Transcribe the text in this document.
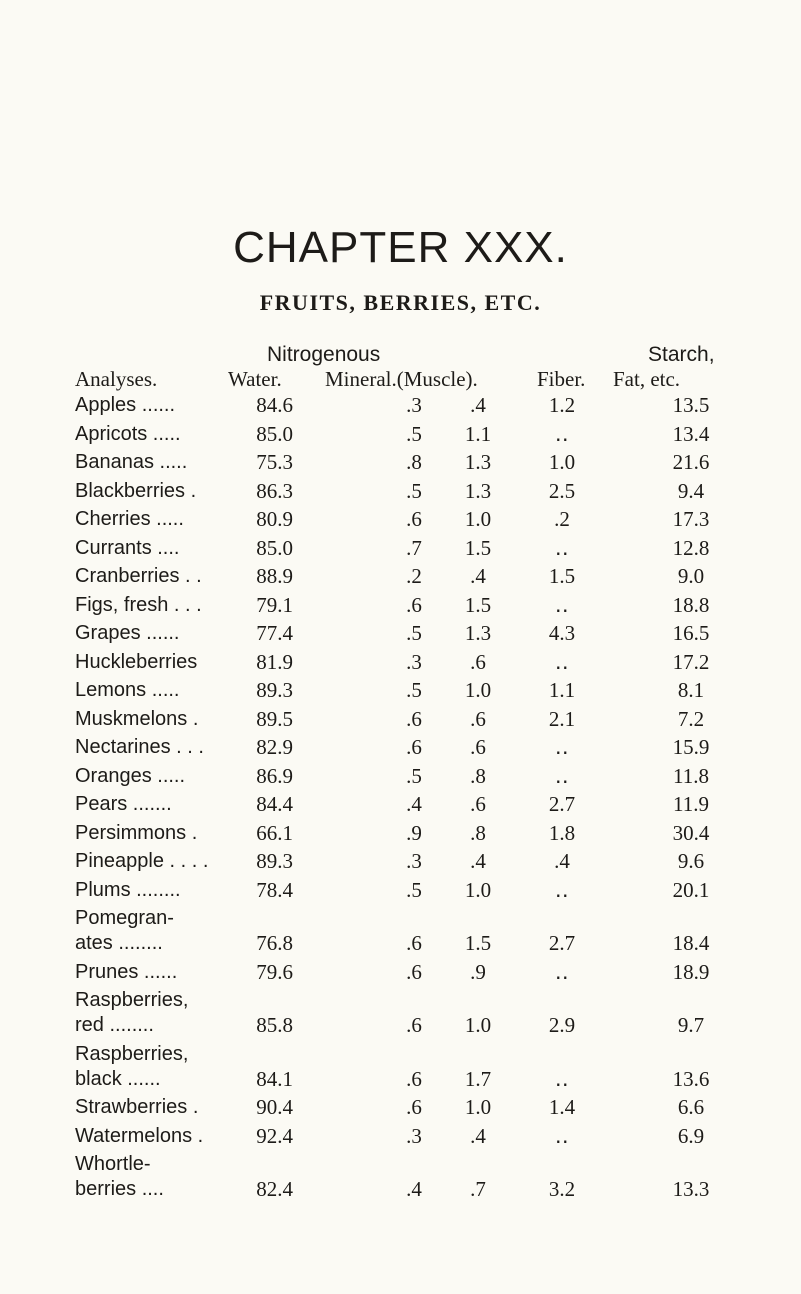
CHAPTER XXX.
FRUITS, BERRIES, ETC.
Nitrogenous	Starch,
Analyses.	Water. Mineral.(Muscle).	Fiber. Fat, etc.
Apples ......	84.6	.3 .4	1.2	13.5
Apricots .....	85.0	.5 1.1	‥	13.4
Bananas .....	75.3	.8 1.3	1.0	21.6
Blackberries .	86.3	.5 1.3	2.5	9.4
Cherries .....	80.9	.6 1.0	.2	17.3
Currants ....	85.0	.7 1.5	‥	12.8
Cranberries . .	88.9	.2 .4	1.5	9.0
Figs, fresh . . .	79.1	.6 1.5	‥	18.8
Grapes ......	77.4	.5 1.3	4.3	16.5
Huckleberries	81.9	.3 .6	‥	17.2
Lemons .....	89.3	.5 1.0	1.1	8.1
Muskmelons .	89.5	.6 .6	2.1	7.2
Nectarines . . . 82.9	.6 .6	‥	15.9
Oranges .....	86.9	.5 .8	‥	11.8
Pears .......	84.4	.4 .6	2.7	11.9
Persimmons .	66.1	.9 .8	1.8	30.4
Pineapple . . . . 89.3	.3 .4	.4	9.6
Plums ........	78.4	.5 1.0	‥	20.1
Pomegran-
ates ........	76.8	.6 1.5	2.7	18.4
Prunes ......	79.6	.6 .9	‥	18.9
Raspberries,
red ........	85.8	.6 1.0	2.9	9.7
Raspberries,
black ......	84.1	.6 1.7	‥	13.6
Strawberries .	90.4	.6 1.0	1.4	6.6
Watermelons .	92.4	.3 .4	‥	6.9
Whortle-
berries ....	82.4	.4 .7	3.2	13.3
